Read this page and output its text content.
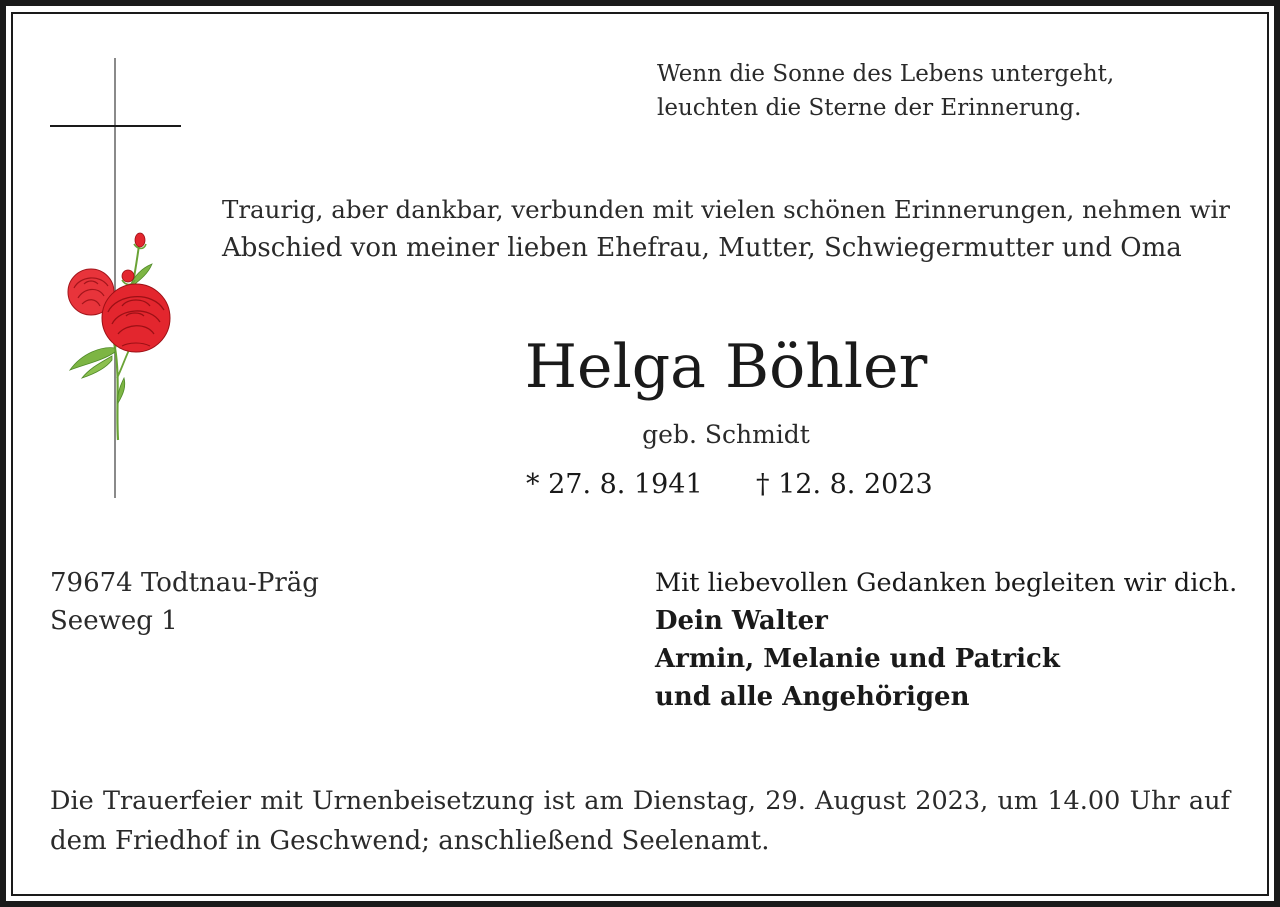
Wenn die Sonne des Lebens untergeht,
leuchten die Sterne der Erinnerung.
Traurig, aber dankbar, verbunden mit vielen schönen Erinnerungen, nehmen wir
Abschied von meiner lieben Ehefrau, Mutter, Schwiegermutter und Oma
Helga Böhler
geb. Schmidt
* 27. 8. 1941 † 12. 8. 2023
79674 Todtnau-Präg
Seeweg 1
Mit liebevollen Gedanken begleiten wir dich.
Dein Walter
Armin, Melanie und Patrick
und alle Angehörigen
Die Trauerfeier mit Urnenbeisetzung ist am Dienstag, 29. August 2023, um 14.00 Uhr auf
dem Friedhof in Geschwend; anschließend Seelenamt.
